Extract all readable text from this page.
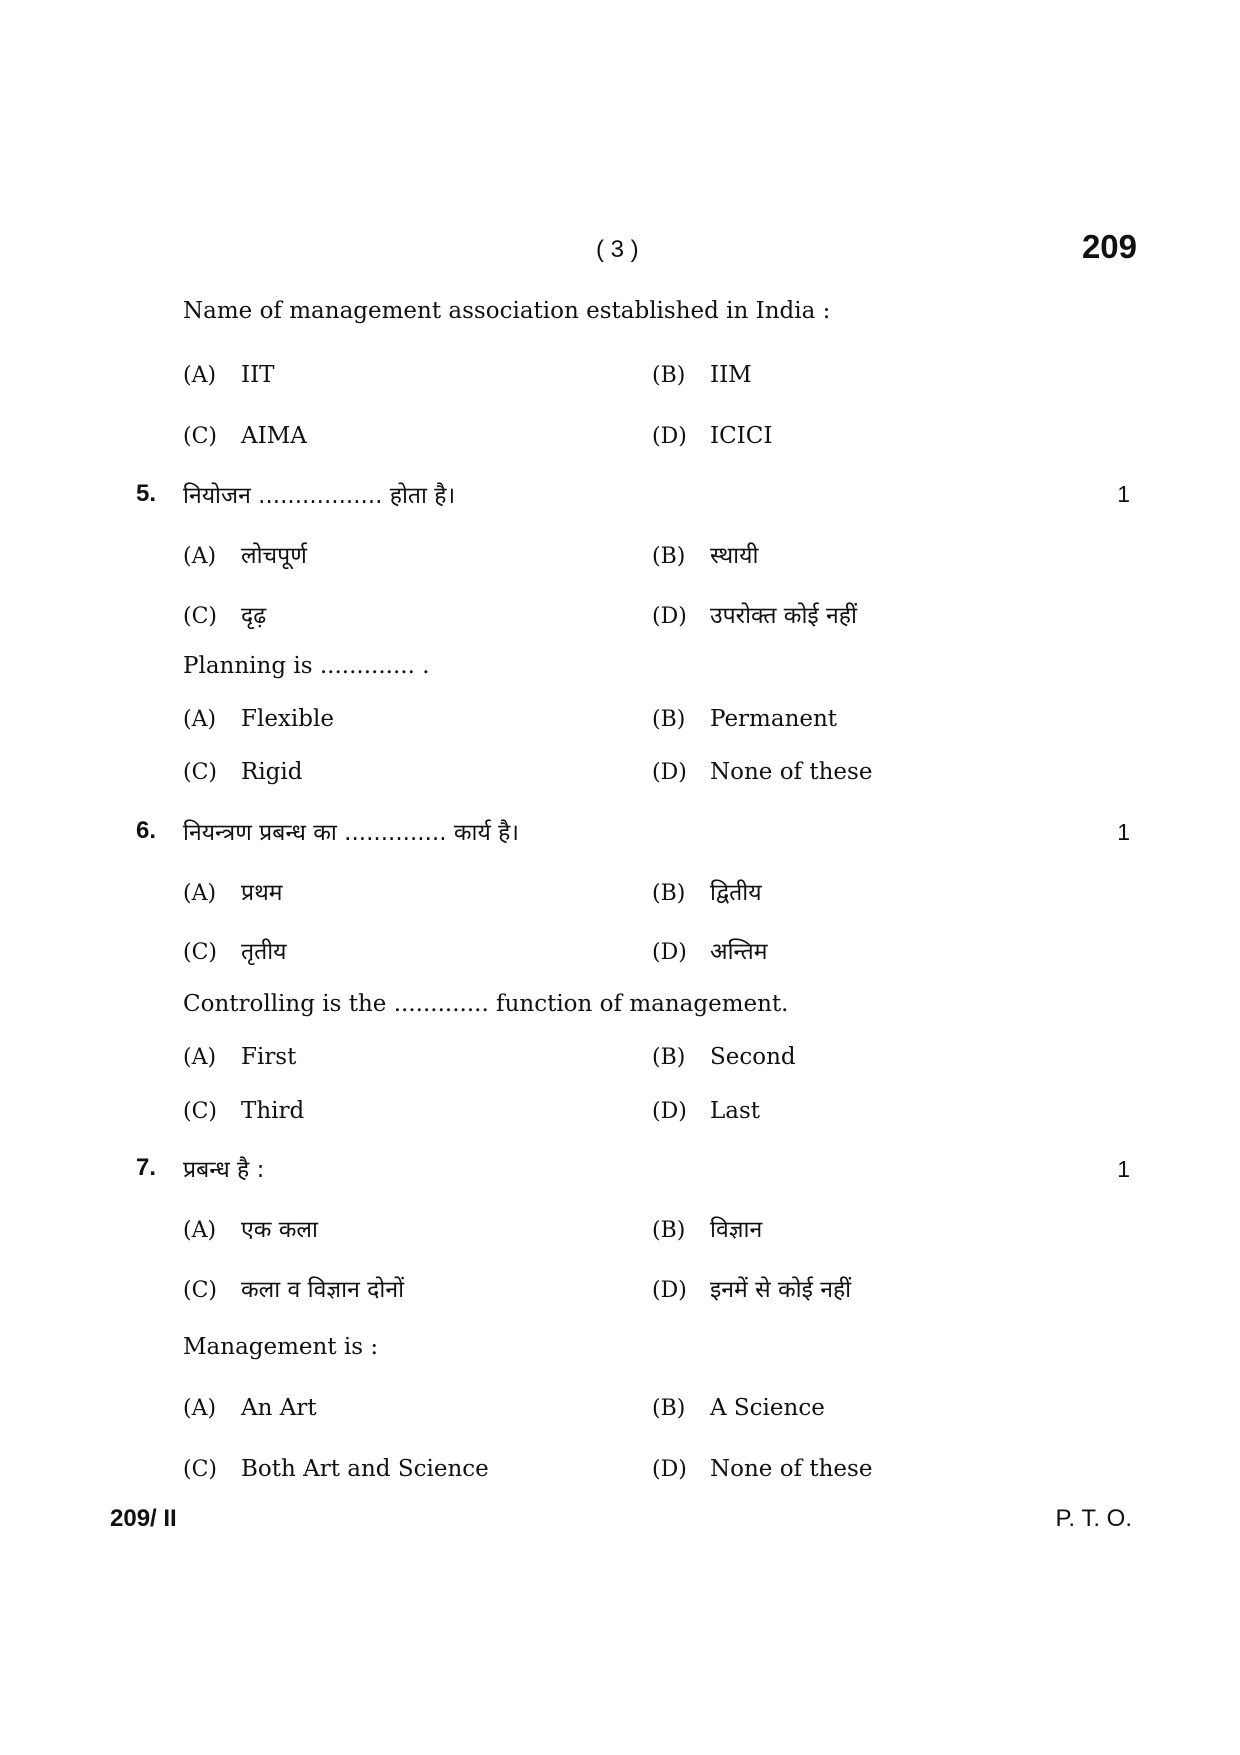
( 3 )	209
Name of management association established in India :
(A) IIT	(B) IIM
(C) AIMA	(D) ICICI
5. नियोजन ................. होता है।	1
(A) लोचपूर्ण	(B) स्थायी
(C) दृढ़	(D) उपरोक्त कोई नहीं
Planning is ............. .
(A) Flexible	(B) Permanent
(C) Rigid	(D) None of these
6. नियन्त्रण प्रबन्ध का .............. कार्य है।	1
(A) प्रथम	(B) द्वितीय
(C) तृतीय	(D) अन्तिम
Controlling is the ............. function of management.
(A) First	(B) Second
(C) Third	(D) Last
7. प्रबन्ध है :	1
(A) एक कला	(B) विज्ञान
(C) कला व विज्ञान दोनों	(D) इनमें से कोई नहीं
Management is :
(A) An Art	(B) A Science
(C) Both Art and Science	(D) None of these
209/ II	P. T. O.
